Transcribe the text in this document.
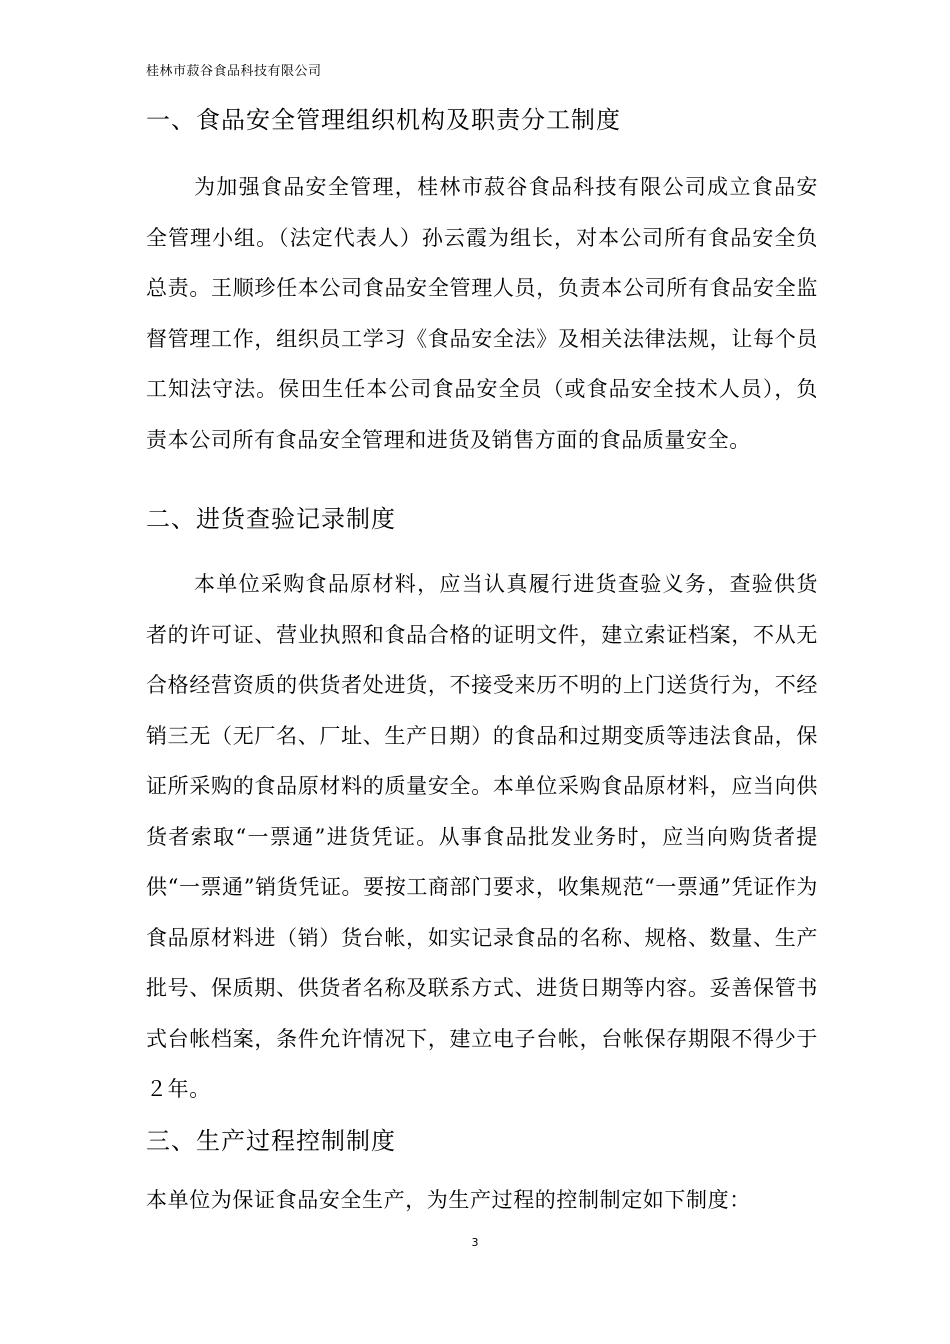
桂林市菽谷食品科技有限公司
一、食品安全管理组织机构及职责分工制度

为加强食品安全管理，桂林市菽谷食品科技有限公司成立食品安全管理小组。（法定代表人）孙云霞为组长，对本公司所有食品安全负总责。王顺珍任本公司食品安全管理人员，负责本公司所有食品安全监督管理工作，组织员工学习《食品安全法》及相关法律法规，让每个员工知法守法。侯田生任本公司食品安全员（或食品安全技术人员），负责本公司所有食品安全管理和进货及销售方面的食品质量安全。

二、进货查验记录制度

本单位采购食品原材料，应当认真履行进货查验义务，查验供货者的许可证、营业执照和食品合格的证明文件，建立索证档案，不从无合格经营资质的供货者处进货，不接受来历不明的上门送货行为，不经销三无（无厂名、厂址、生产日期）的食品和过期变质等违法食品，保证所采购的食品原材料的质量安全。本单位采购食品原材料，应当向供货者索取“一票通”进货凭证。从事食品批发业务时，应当向购货者提供“一票通”销货凭证。要按工商部门要求，收集规范“一票通”凭证作为食品原材料进（销）货台帐，如实记录食品的名称、规格、数量、生产批号、保质期、供货者名称及联系方式、进货日期等内容。妥善保管书式台帐档案，条件允许情况下，建立电子台帐，台帐保存期限不得少于２年。

三、生产过程控制制度

本单位为保证食品安全生产，为生产过程的控制制定如下制度：

3
